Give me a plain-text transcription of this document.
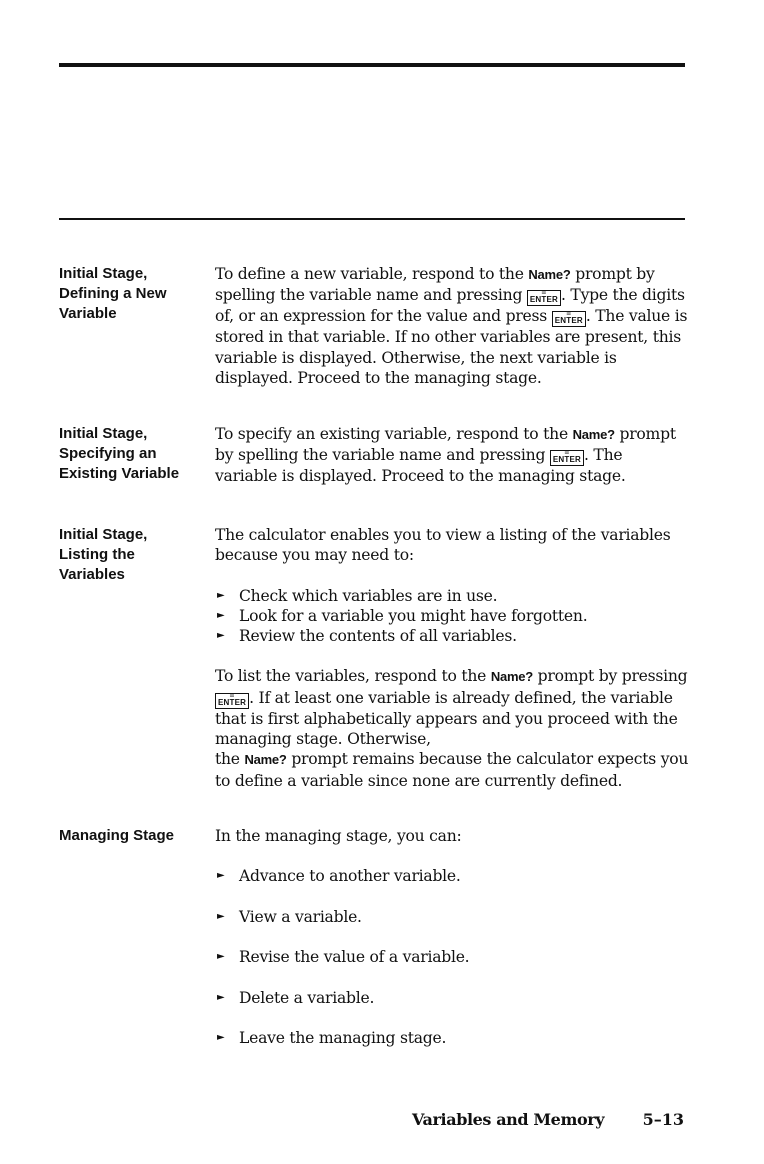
Initial Stage,
Defining a New
Variable

To define a new variable, respond to the Name? prompt by spelling the variable name and pressing = ENTER . Type the digits of, or an expression for the value and press = ENTER . The value is stored in that variable. If no other variables are present, this variable is displayed. Otherwise, the next variable is displayed. Proceed to the managing stage.

Initial Stage,
Specifying an
Existing Variable

To specify an existing variable, respond to the Name? prompt by spelling the variable name and pressing = ENTER . The variable is displayed. Proceed to the managing stage.

Initial Stage,
Listing the
Variables

The calculator enables you to view a listing of the variables because you may need to:

► Check which variables are in use.
► Look for a variable you might have forgotten.
► Review the contents of all variables.

To list the variables, respond to the Name? prompt by pressing = ENTER . If at least one variable is already defined, the variable that is first alphabetically appears and you proceed with the managing stage. Otherwise,
the Name? prompt remains because the calculator expects you to define a variable since none are currently defined.

Managing Stage	In the managing stage, you can:

► Advance to another variable.
► View a variable.
► Revise the value of a variable.
► Delete a variable.
► Leave the managing stage.
Variables and Memory 5–13
